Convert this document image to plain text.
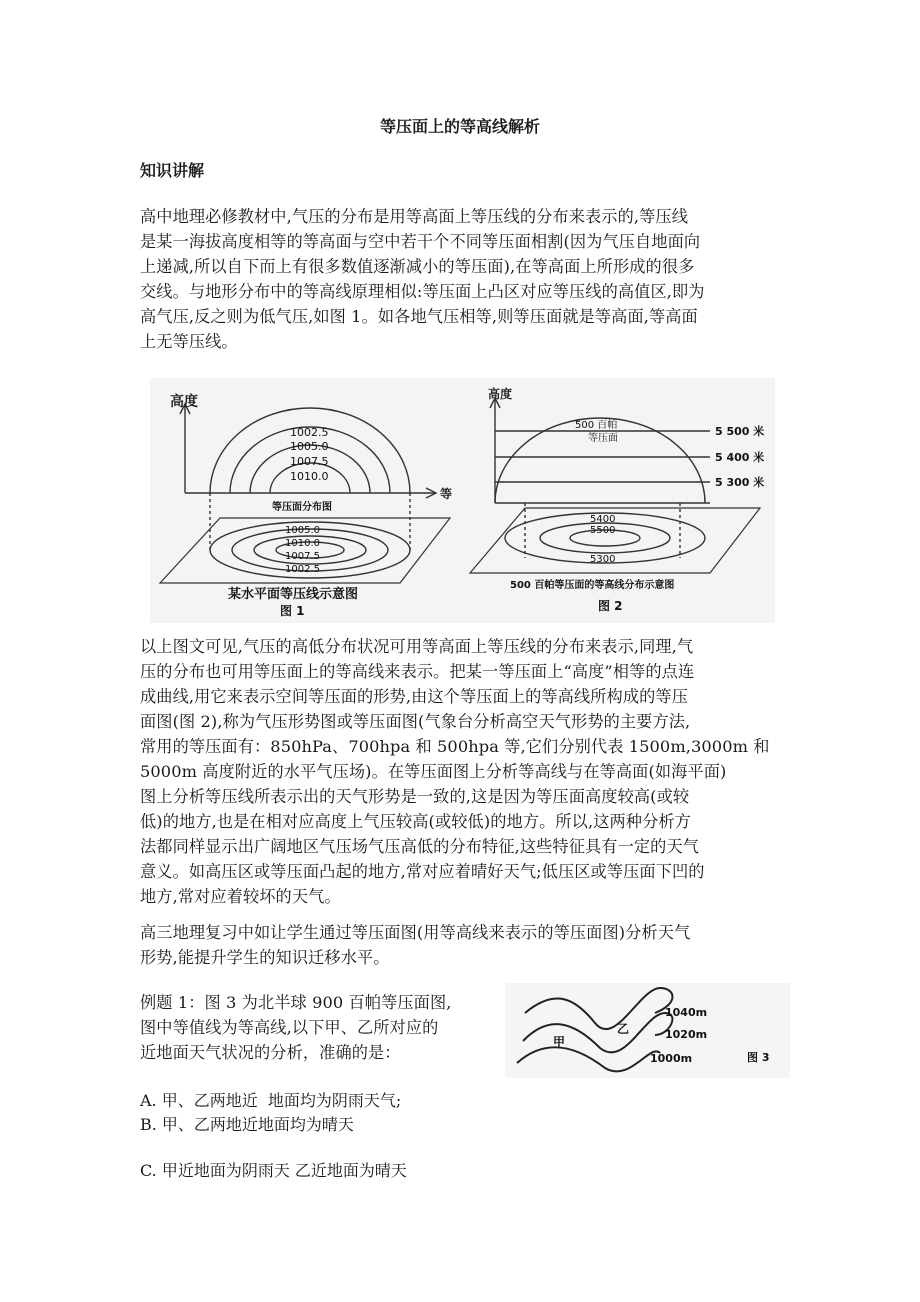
等压面上的等高线解析
知识讲解
高中地理必修教材中,气压的分布是用等高面上等压线的分布来表示的,等压线
是某一海拔高度相等的等高面与空中若干个不同等压面相割(因为气压自地面向
上递减,所以自下而上有很多数值逐渐减小的等压面),在等高面上所形成的很多
交线。与地形分布中的等高线原理相似:等压面上凸区对应等压线的高值区,即为
高气压,反之则为低气压,如图 1。如各地气压相等,则等压面就是等高面,等高面
上无等压线。
高度
等
1002.5
1005.0
1007.5
1010.0
等压面分布图
1005.0
1010.0
1007.5
1002.5
某水平面等压线示意图
图 1
高度
500 百帕
等压面
5 500 米
5 400 米
5 300 米
5400
5500
5300
500 百帕等压面的等高线分布示意图
图 2
以上图文可见,气压的高低分布状况可用等高面上等压线的分布来表示,同理,气
压的分布也可用等压面上的等高线来表示。把某一等压面上“高度”相等的点连
成曲线,用它来表示空间等压面的形势,由这个等压面上的等高线所构成的等压
面图(图 2),称为气压形势图或等压面图(气象台分析高空天气形势的主要方法,
常用的等压面有：850hPa、700hpa 和 500hpa 等,它们分别代表 1500m,3000m 和
5000m 高度附近的水平气压场)。在等压面图上分析等高线与在等高面(如海平面)
图上分析等压线所表示出的天气形势是一致的,这是因为等压面高度较高(或较
低)的地方,也是在相对应高度上气压较高(或较低)的地方。所以,这两种分析方
法都同样显示出广阔地区气压场气压高低的分布特征,这些特征具有一定的天气
意义。如高压区或等压面凸起的地方,常对应着晴好天气;低压区或等压面下凹的
地方,常对应着较坏的天气。
高三地理复习中如让学生通过等压面图(用等高线来表示的等压面图)分析天气
形势,能提升学生的知识迁移水平。
例题 1：图 3 为北半球 900 百帕等压面图,
图中等值线为等高线,以下甲、乙所对应的
近地面天气状况的分析，准确的是：
甲
乙
1040m
1020m
1000m	图 3
A. 甲、乙两地近  地面均为阴雨天气;
B. 甲、乙两地近地面均为晴天
C. 甲近地面为阴雨天 乙近地面为晴天
